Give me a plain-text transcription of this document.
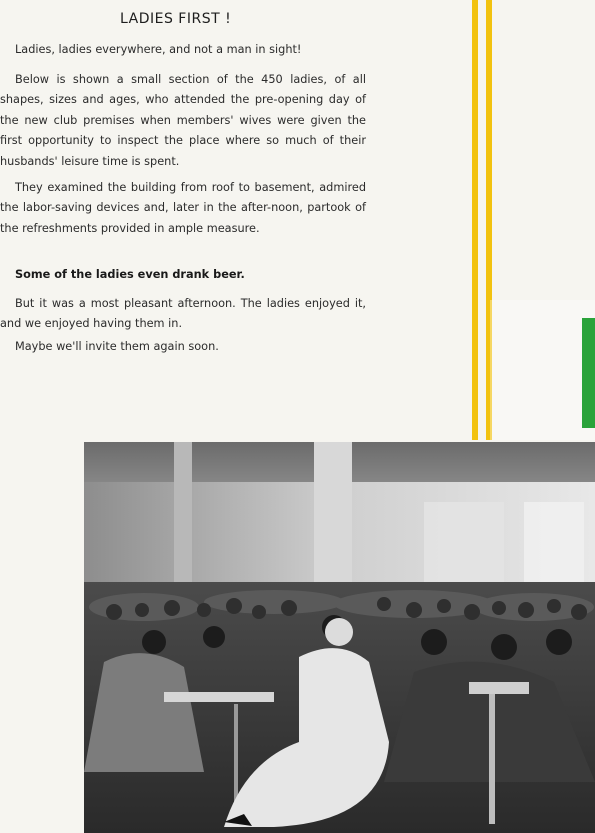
LADIES FIRST !

Ladies, ladies everywhere, and not a man in sight!

Below is shown a small section of the 450 ladies, of all shapes, sizes and ages, who attended the pre-opening day of the new club premises when members' wives were given the first opportunity to inspect the place where so much of their husbands' leisure time is spent.

They examined the building from roof to basement, admired the labor-saving devices and, later in the after-noon, partook of the refreshments provided in ample measure.

Some of the ladies even drank beer.

But it was a most pleasant afternoon. The ladies enjoyed it, and we enjoyed having them in.

Maybe we'll invite them again soon.
